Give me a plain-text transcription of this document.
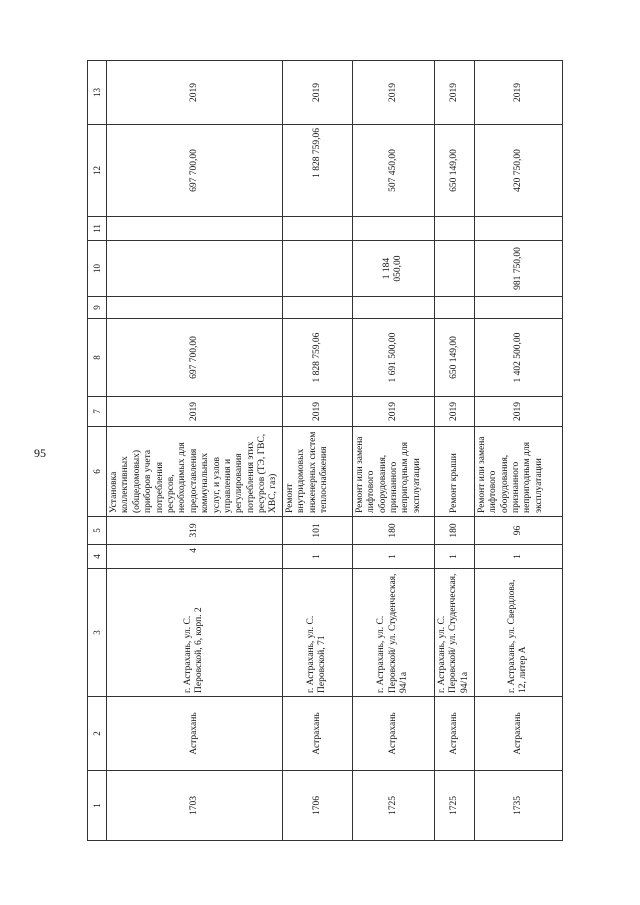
95
1	2	3	4	5	6	7	8	9	10	11	12	13
1703	Астрахань	г. Астрахань, ул. С. Перовской, 6, корп. 2	4	319	Установка коллективных (общедомовых) приборов учета потребления ресурсов, необходимых для предоставления коммунальных услуг, и узлов управления и регулирования потребления этих ресурсов (ТЭ, ГВС, ХВС, газ)	2019	697 700,00				697 700,00	2019
1706	Астрахань	г. Астрахань, ул. С. Перовской, 71	1	101	Ремонт внутридомовых инженерных систем теплоснабжения	2019	1 828 759,06				1 828 759,06	2019
1725	Астрахань	г. Астрахань, ул. С. Перовской/ ул. Студенческая, 94/1а	1	180	Ремонт или замена лифтового оборудования, признанного непригодным для эксплуатации	2019	1 691 500,00		1 184 050,00		507 450,00	2019
1725	Астрахань	г. Астрахань, ул. С. Перовской/ ул. Студенческая, 94/1а	1	180	Ремонт крыши	2019	650 149,00				650 149,00	2019
1735	Астрахань	г. Астрахань, ул. Свердлова, 12, литер А	1	96	Ремонт или замена лифтового оборудования, признанного непригодным для эксплуатации	2019	1 402 500,00		981 750,00		420 750,00	2019
